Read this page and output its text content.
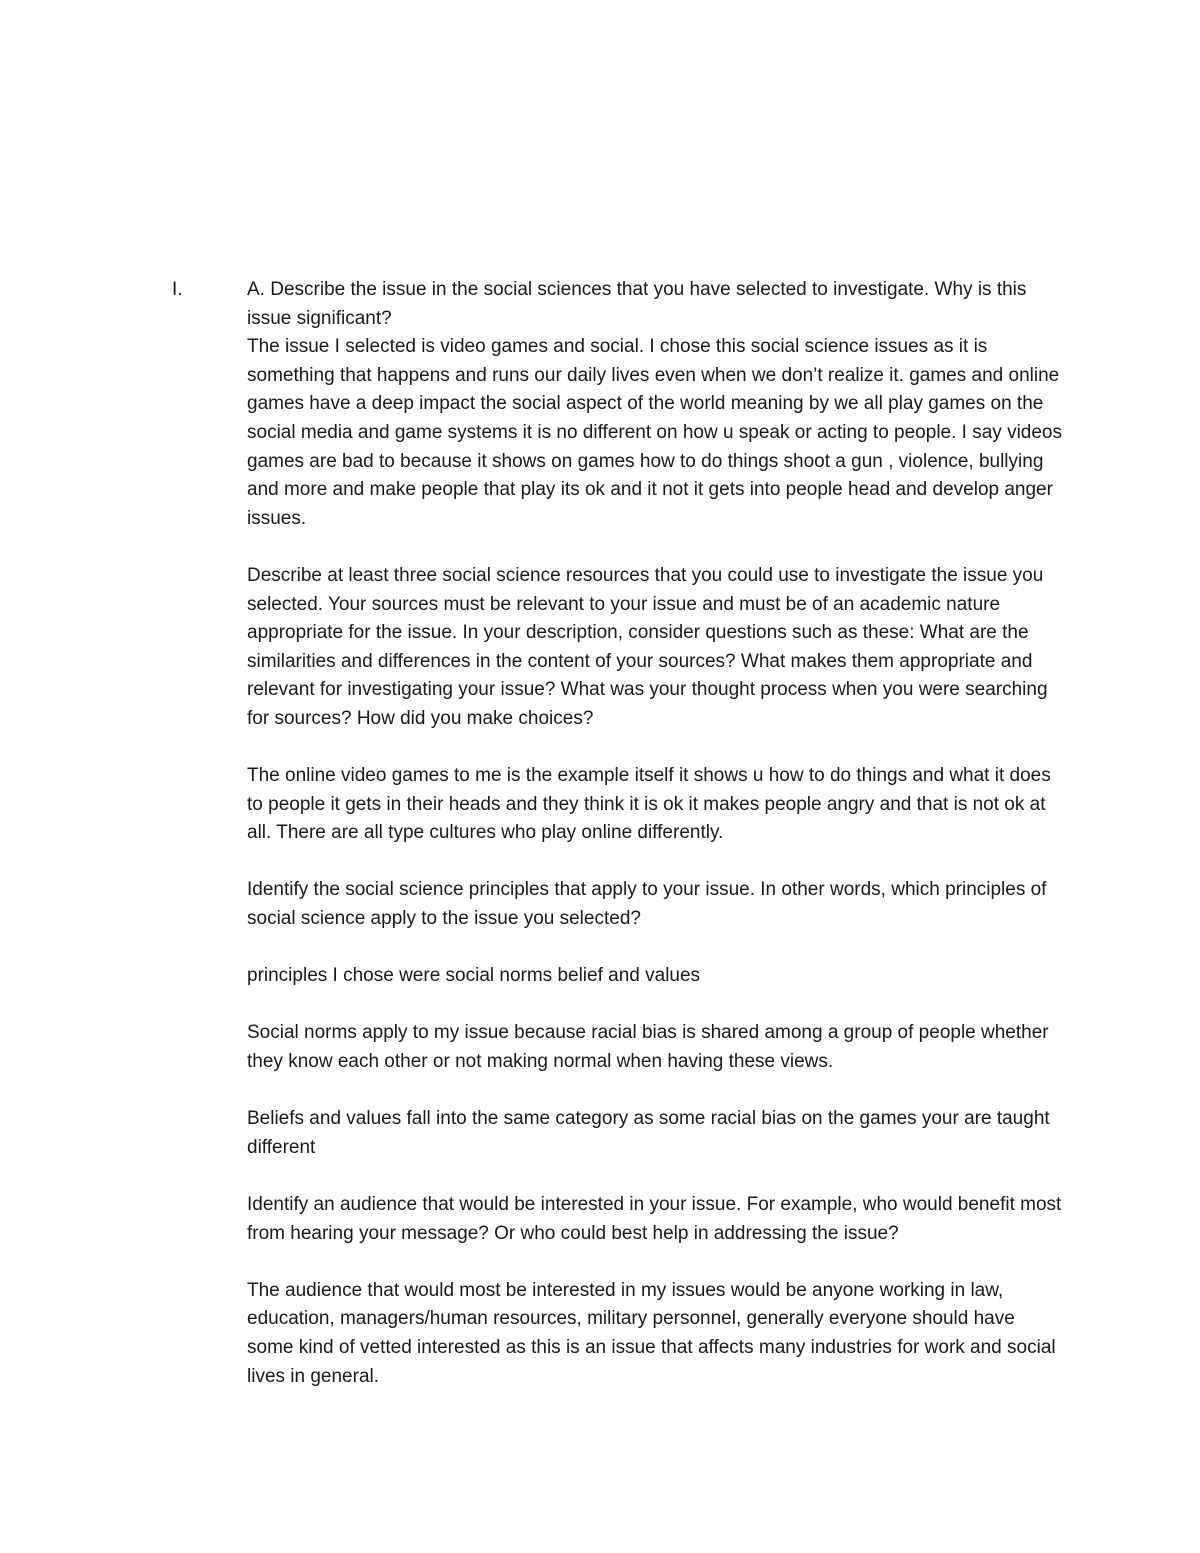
I.	A. Describe the issue in the social sciences that you have selected to investigate. Why is this issue significant?

The issue I selected is video games and social. I chose this social science issues as it is something that happens and runs our daily lives even when we don’t realize it. games and online games have a deep impact the social aspect of the world meaning by we all play games on the social media and game systems it is no different on how u speak or acting to people. I say videos games are bad to because it shows on games how to do things shoot a gun , violence, bullying and more and make people that play its ok and it not it gets into people head and develop anger issues.

Describe at least three social science resources that you could use to investigate the issue you selected. Your sources must be relevant to your issue and must be of an academic nature appropriate for the issue. In your description, consider questions such as these: What are the similarities and differences in the content of your sources? What makes them appropriate and relevant for investigating your issue? What was your thought process when you were searching for sources? How did you make choices?

The online video games to me is the example itself it shows u how to do things and what it does to people it gets in their heads and they think it is ok it makes people angry and that is not ok at all. There are all type cultures who play online differently.

Identify the social science principles that apply to your issue. In other words, which principles of social science apply to the issue you selected?

principles I chose were social norms belief and values

Social norms apply to my issue because racial bias is shared among a group of people whether they know each other or not making normal when having these views.

Beliefs and values fall into the same category as some racial bias on the games your are taught different

Identify an audience that would be interested in your issue. For example, who would benefit most from hearing your message? Or who could best help in addressing the issue?

The audience that would most be interested in my issues would be anyone working in law, education, managers/human resources, military personnel, generally everyone should have some kind of vetted interested as this is an issue that affects many industries for work and social lives in general.
